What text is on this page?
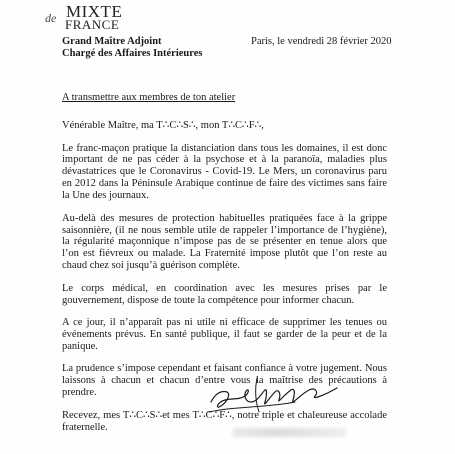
MIXTE
de FRANCE
Grand Maître Adjoint
Chargé des Affaires Intérieures
Paris, le vendredi 28 février 2020
A transmettre aux membres de ton atelier

Vénérable Maître, ma T∴C∴S∴, mon T∴C∴F∴,

Le franc-maçon pratique la distanciation dans tous les domaines, il est donc important de ne pas céder à la psychose et à la paranoïa, maladies plus dévastatrices que le Coronavirus - Covid-19. Le Mers, un coronavirus paru en 2012 dans la Péninsule Arabique continue de faire des victimes sans faire la Une des journaux.

Au-delà des mesures de protection habituelles pratiquées face à la grippe saisonnière, (il ne nous semble utile de rappeler l’importance de l’hygiène), la régularité maçonnique n’impose pas de se présenter en tenue alors que l’on est fiévreux ou malade. La Fraternité impose plutôt que l’on reste au chaud chez soi jusqu’à guérison complète.

Le corps médical, en coordination avec les mesures prises par le gouvernement, dispose de toute la compétence pour informer chacun.

A ce jour, il n’apparaît pas ni utile ni efficace de supprimer les tenues ou événements prévus. En santé publique, il faut se garder de la peur et de la panique.

La prudence s’impose cependant et faisant confiance à votre jugement. Nous laissons à chacun et chacun d’entre vous la maîtrise des précautions à prendre.

Recevez, mes T∴C∴S∴et mes T∴C∴F∴, notre triple et chaleureuse accolade fraternelle.
